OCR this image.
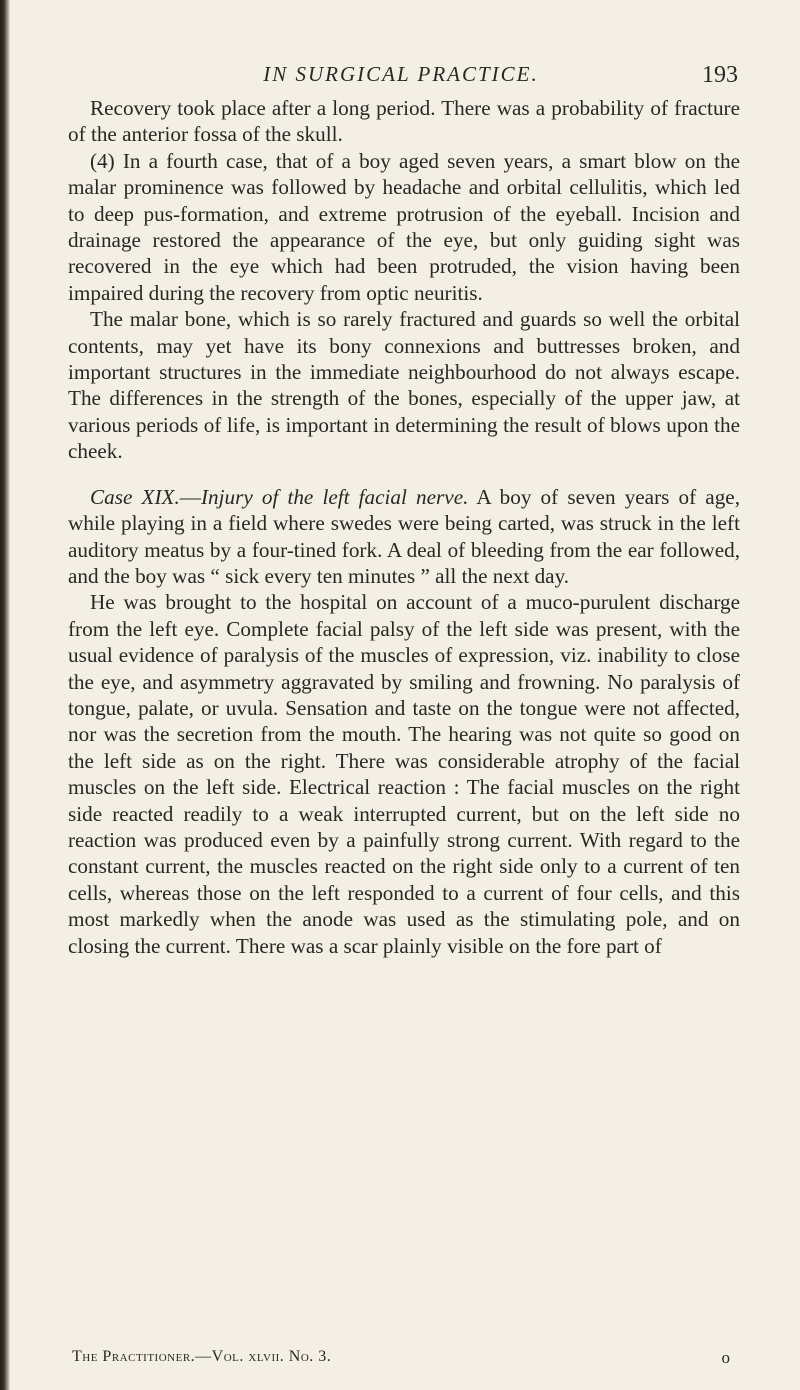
IN SURGICAL PRACTICE.	193

Recovery took place after a long period. There was a probability of fracture of the anterior fossa of the skull.

(4) In a fourth case, that of a boy aged seven years, a smart blow on the malar prominence was followed by headache and orbital cellulitis, which led to deep pus-formation, and extreme protrusion of the eyeball. Incision and drainage restored the appearance of the eye, but only guiding sight was recovered in the eye which had been protruded, the vision having been impaired during the recovery from optic neuritis.

The malar bone, which is so rarely fractured and guards so well the orbital contents, may yet have its bony connexions and buttresses broken, and important structures in the immediate neighbourhood do not always escape. The differences in the strength of the bones, especially of the upper jaw, at various periods of life, is important in determining the result of blows upon the cheek.

Case XIX.—Injury of the left facial nerve. A boy of seven years of age, while playing in a field where swedes were being carted, was struck in the left auditory meatus by a four-tined fork. A deal of bleeding from the ear followed, and the boy was “ sick every ten minutes ” all the next day.

He was brought to the hospital on account of a muco-purulent discharge from the left eye. Complete facial palsy of the left side was present, with the usual evidence of paralysis of the muscles of expression, viz. inability to close the eye, and asymmetry aggravated by smiling and frowning. No paralysis of tongue, palate, or uvula. Sensation and taste on the tongue were not affected, nor was the secretion from the mouth. The hearing was not quite so good on the left side as on the right. There was considerable atrophy of the facial muscles on the left side. Electrical reaction : The facial muscles on the right side reacted readily to a weak interrupted current, but on the left side no reaction was produced even by a painfully strong current. With regard to the constant current, the muscles reacted on the right side only to a current of ten cells, whereas those on the left responded to a current of four cells, and this most markedly when the anode was used as the stimulating pole, and on closing the current. There was a scar plainly visible on the fore part of

The Practitioner.—Vol. xlvii. No. 3.	o
